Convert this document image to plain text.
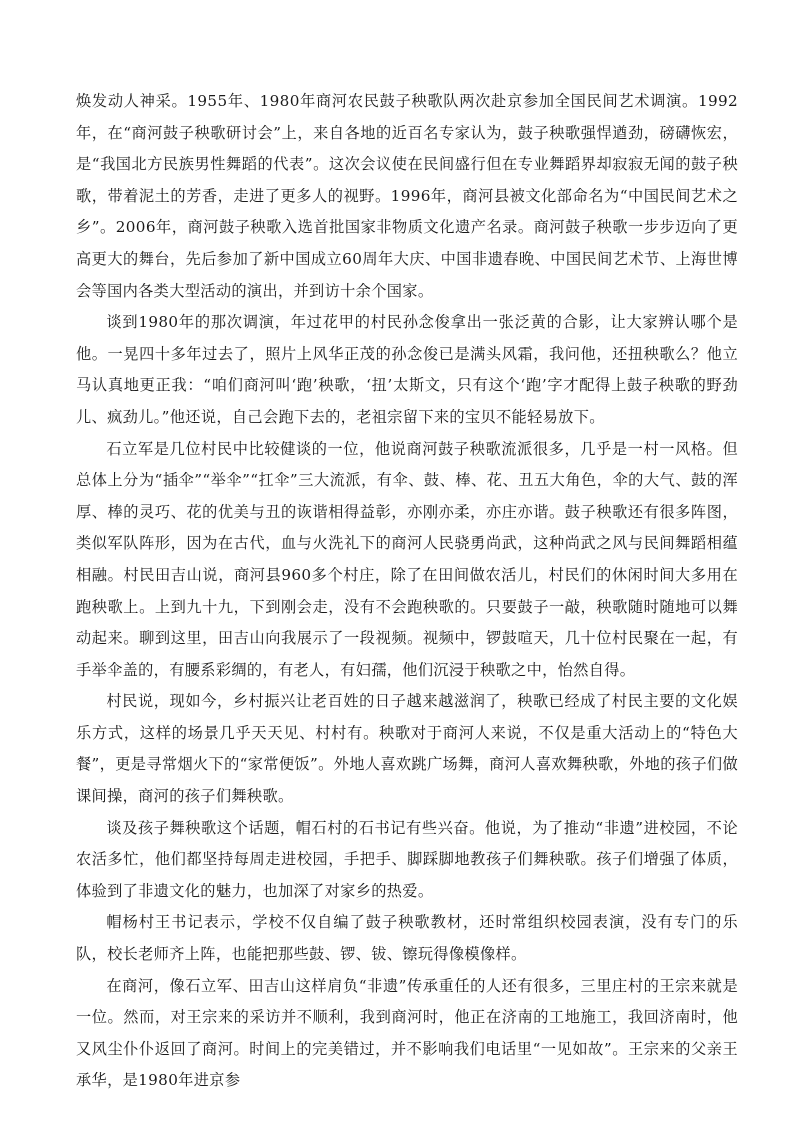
焕发动人神采。1955年、1980年商河农民鼓子秧歌队两次赴京参加全国民间艺术调演。1992年，在“商河鼓子秧歌研讨会”上，来自各地的近百名专家认为，鼓子秧歌强悍遒劲，磅礴恢宏，是“我国北方民族男性舞蹈的代表”。这次会议使在民间盛行但在专业舞蹈界却寂寂无闻的鼓子秧歌，带着泥土的芳香，走进了更多人的视野。1996年，商河县被文化部命名为“中国民间艺术之乡”。2006年，商河鼓子秧歌入选首批国家非物质文化遗产名录。商河鼓子秧歌一步步迈向了更高更大的舞台，先后参加了新中国成立60周年大庆、中国非遗春晚、中国民间艺术节、上海世博会等国内各类大型活动的演出，并到访十余个国家。

谈到1980年的那次调演，年过花甲的村民孙念俊拿出一张泛黄的合影，让大家辨认哪个是他。一晃四十多年过去了，照片上风华正茂的孙念俊已是满头风霜，我问他，还扭秧歌么？他立马认真地更正我：“咱们商河叫‘跑’秧歌，‘扭’太斯文，只有这个‘跑’字才配得上鼓子秧歌的野劲儿、疯劲儿。”他还说，自己会跑下去的，老祖宗留下来的宝贝不能轻易放下。

石立军是几位村民中比较健谈的一位，他说商河鼓子秧歌流派很多，几乎是一村一风格。但总体上分为“插伞”“举伞”“扛伞”三大流派，有伞、鼓、棒、花、丑五大角色，伞的大气、鼓的浑厚、棒的灵巧、花的优美与丑的诙谐相得益彰，亦刚亦柔，亦庄亦谐。鼓子秧歌还有很多阵图，类似军队阵形，因为在古代，血与火洗礼下的商河人民骁勇尚武，这种尚武之风与民间舞蹈相蕴相融。村民田吉山说，商河县960多个村庄，除了在田间做农活儿，村民们的休闲时间大多用在跑秧歌上。上到九十九，下到刚会走，没有不会跑秧歌的。只要鼓子一敲，秧歌随时随地可以舞动起来。聊到这里，田吉山向我展示了一段视频。视频中，锣鼓喧天，几十位村民聚在一起，有手举伞盖的，有腰系彩绸的，有老人，有妇孺，他们沉浸于秧歌之中，怡然自得。

村民说，现如今，乡村振兴让老百姓的日子越来越滋润了，秧歌已经成了村民主要的文化娱乐方式，这样的场景几乎天天见、村村有。秧歌对于商河人来说，不仅是重大活动上的“特色大餐”，更是寻常烟火下的“家常便饭”。外地人喜欢跳广场舞，商河人喜欢舞秧歌，外地的孩子们做课间操，商河的孩子们舞秧歌。

谈及孩子舞秧歌这个话题，帽石村的石书记有些兴奋。他说，为了推动“非遗”进校园，不论农活多忙，他们都坚持每周走进校园，手把手、脚踩脚地教孩子们舞秧歌。孩子们增强了体质，体验到了非遗文化的魅力，也加深了对家乡的热爱。

帽杨村王书记表示，学校不仅自编了鼓子秧歌教材，还时常组织校园表演，没有专门的乐队，校长老师齐上阵，也能把那些鼓、锣、钹、镲玩得像模像样。

在商河，像石立军、田吉山这样肩负“非遗”传承重任的人还有很多，三里庄村的王宗来就是一位。然而，对王宗来的采访并不顺利，我到商河时，他正在济南的工地施工，我回济南时，他又风尘仆仆返回了商河。时间上的完美错过，并不影响我们电话里“一见如故”。王宗来的父亲王承华，是1980年进京参
